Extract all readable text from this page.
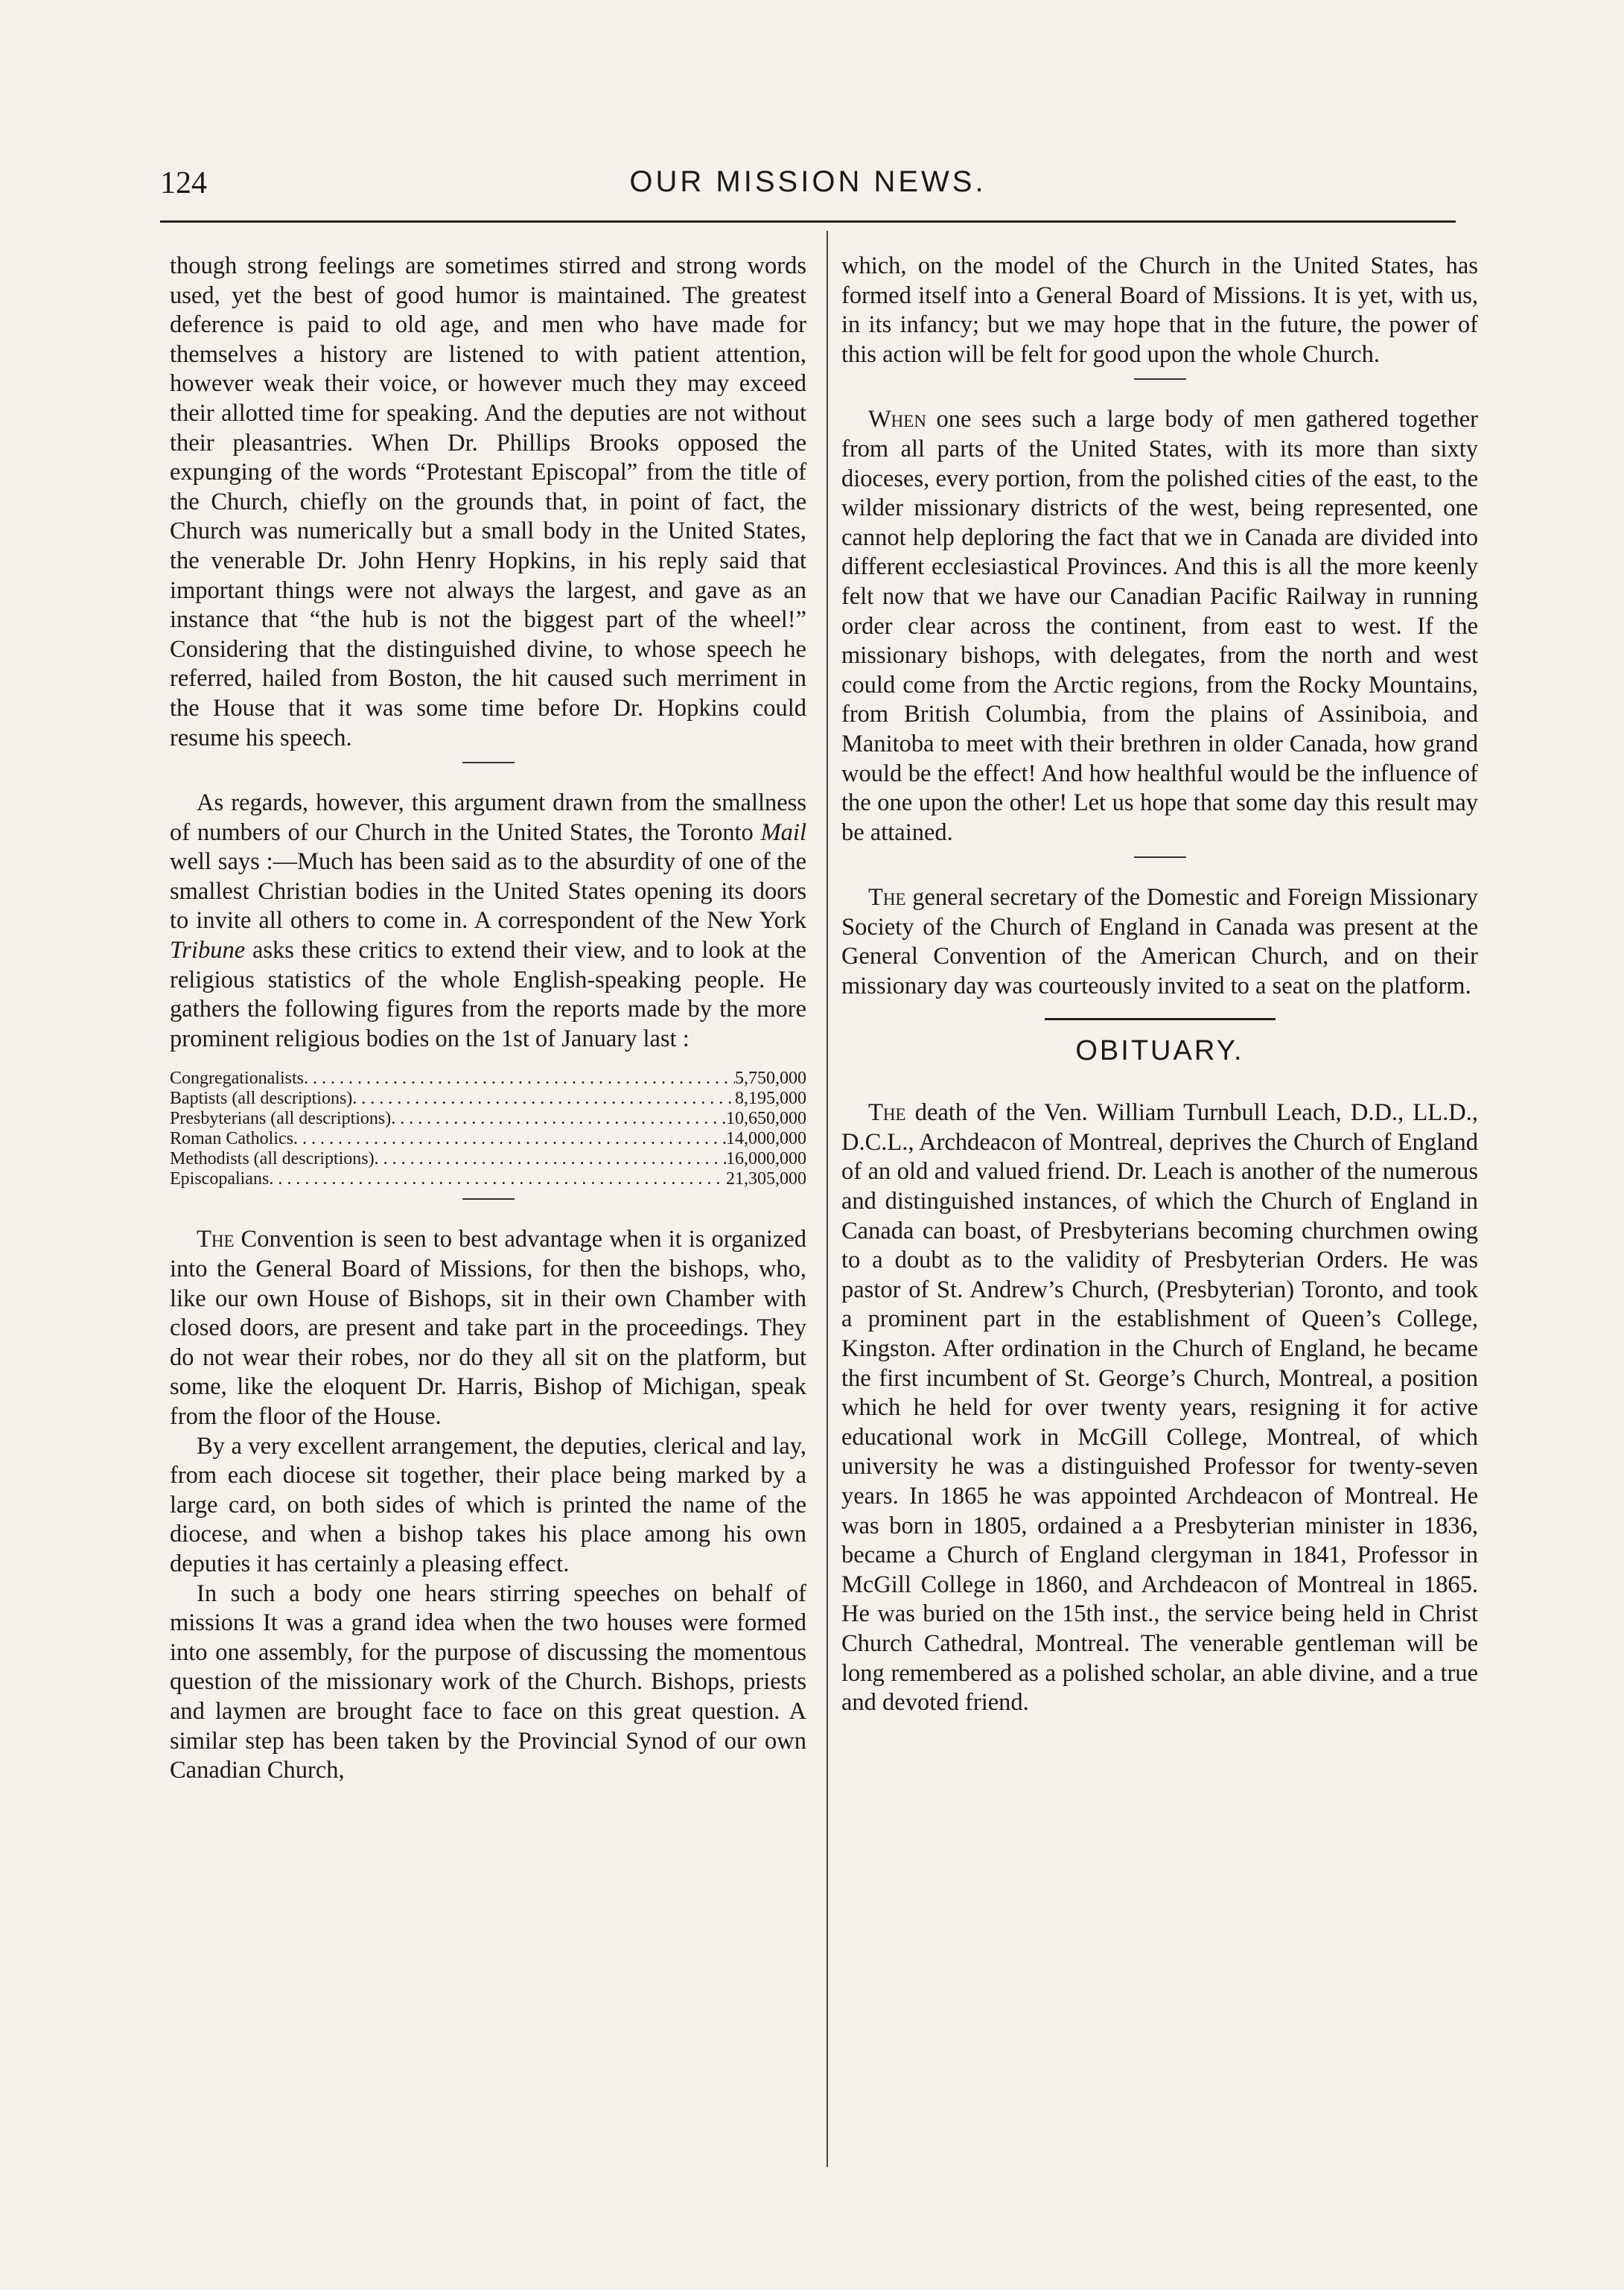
124	OUR MISSION NEWS.

though strong feelings are sometimes stirred and strong words used, yet the best of good humor is maintained. The greatest deference is paid to old age, and men who have made for themselves a history are listened to with patient attention, however weak their voice, or however much they may exceed their allotted time for speaking. And the deputies are not without their pleasantries. When Dr. Phillips Brooks opposed the expunging of the words “Protestant Episcopal” from the title of the Church, chiefly on the grounds that, in point of fact, the Church was numerically but a small body in the United States, the venerable Dr. John Henry Hopkins, in his reply said that important things were not always the largest, and gave as an instance that “the hub is not the biggest part of the wheel!” Considering that the distinguished divine, to whose speech he referred, hailed from Boston, the hit caused such merriment in the House that it was some time before Dr. Hopkins could resume his speech.

As regards, however, this argument drawn from the smallness of numbers of our Church in the United States, the Toronto Mail well says :—Much has been said as to the absurdity of one of the smallest Christian bodies in the United States opening its doors to invite all others to come in. A correspondent of the New York Tribune asks these critics to extend their view, and to look at the religious statistics of the whole English-speaking people. He gathers the following figures from the reports made by the more prominent religious bodies on the 1st of January last :

Congregationalists . . .	5,750,000
Baptists (all descriptions) . . .	8,195,000
Presbyterians (all descriptions) . . .	10,650,000
Roman Catholics . . .	14,000,000
Methodists (all descriptions) . . .	16,000,000
Episcopalians . . .	21,305,000

The Convention is seen to best advantage when it is organized into the General Board of Missions, for then the bishops, who, like our own House of Bishops, sit in their own Chamber with closed doors, are present and take part in the proceedings. They do not wear their robes, nor do they all sit on the platform, but some, like the eloquent Dr. Harris, Bishop of Michigan, speak from the floor of the House.

By a very excellent arrangement, the deputies, clerical and lay, from each diocese sit together, their place being marked by a large card, on both sides of which is printed the name of the diocese, and when a bishop takes his place among his own deputies it has certainly a pleasing effect.

In such a body one hears stirring speeches on behalf of missions It was a grand idea when the two houses were formed into one assembly, for the purpose of discussing the momentous question of the missionary work of the Church. Bishops, priests and laymen are brought face to face on this great question. A similar step has been taken by the Provincial Synod of our own Canadian Church,

which, on the model of the Church in the United States, has formed itself into a General Board of Missions. It is yet, with us, in its infancy; but we may hope that in the future, the power of this action will be felt for good upon the whole Church.

When one sees such a large body of men gathered together from all parts of the United States, with its more than sixty dioceses, every portion, from the polished cities of the east, to the wilder missionary districts of the west, being represented, one cannot help deploring the fact that we in Canada are divided into different ecclesiastical Provinces. And this is all the more keenly felt now that we have our Canadian Pacific Railway in running order clear across the continent, from east to west. If the missionary bishops, with delegates, from the north and west could come from the Arctic regions, from the Rocky Mountains, from British Columbia, from the plains of Assiniboia, and Manitoba to meet with their brethren in older Canada, how grand would be the effect! And how healthful would be the influence of the one upon the other! Let us hope that some day this result may be attained.

The general secretary of the Domestic and Foreign Missionary Society of the Church of England in Canada was present at the General Convention of the American Church, and on their missionary day was courteously invited to a seat on the platform.

OBITUARY.

The death of the Ven. William Turnbull Leach, D.D., LL.D., D.C.L., Archdeacon of Montreal, deprives the Church of England of an old and valued friend. Dr. Leach is another of the numerous and distinguished instances, of which the Church of England in Canada can boast, of Presbyterians becoming churchmen owing to a doubt as to the validity of Presbyterian Orders. He was pastor of St. Andrew’s Church, (Presbyterian) Toronto, and took a prominent part in the establishment of Queen’s College, Kingston. After ordination in the Church of England, he became the first incumbent of St. George’s Church, Montreal, a position which he held for over twenty years, resigning it for active educational work in McGill College, Montreal, of which university he was a distinguished Professor for twenty-seven years. In 1865 he was appointed Archdeacon of Montreal. He was born in 1805, ordained a a Presbyterian minister in 1836, became a Church of England clergyman in 1841, Professor in McGill College in 1860, and Archdeacon of Montreal in 1865. He was buried on the 15th inst., the service being held in Christ Church Cathedral, Montreal. The venerable gentleman will be long remembered as a polished scholar, an able divine, and a true and devoted friend.
